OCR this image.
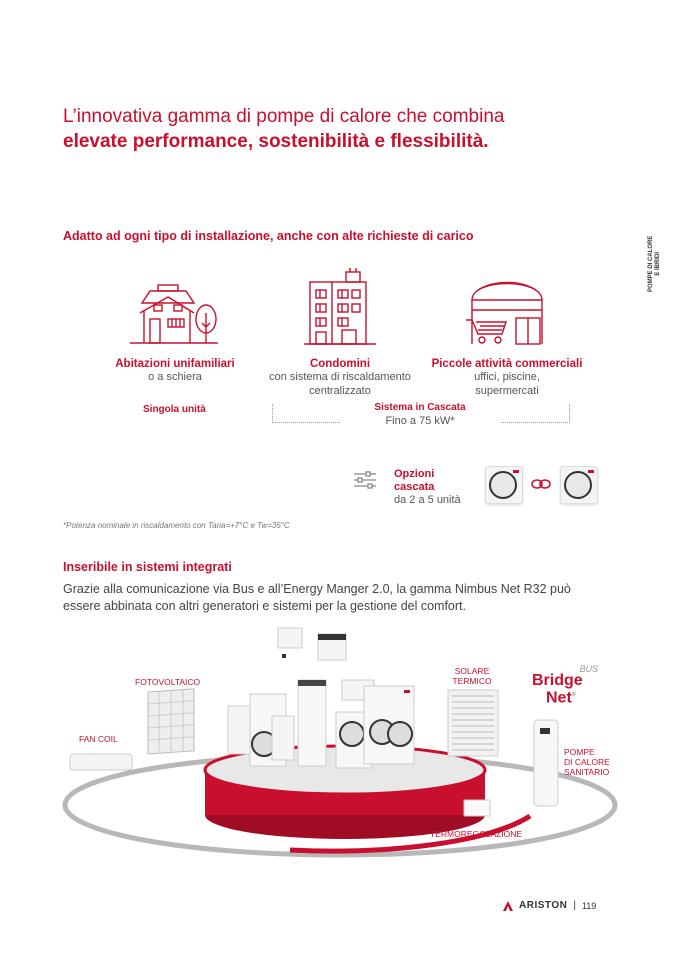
L’innovativa gamma di pompe di calore che combina
elevate performance, sostenibilità e flessibilità.
POMPE DI CALORE E IBRIDI
Adatto ad ogni tipo di installazione, anche con alte richieste di carico
Abitazioni unifamiliari
o a schiera
Condomini
con sistema di riscaldamento centralizzato
Piccole attività commerciali
uffici, piscine, supermercati
Singola unità	Sistema in Cascata
Fino a 75 kW*
Opzioni
cascata
da 2 a 5 unità
*Potenza nominale in riscaldamento con Taria=+7°C e Tw=35°C
Inseribile in sistemi integrati
Grazie alla comunicazione via Bus e all’Energy Manger 2.0, la gamma Nimbus Net R32 può essere abbinata con altri generatori e sistemi per la gestione del comfort.
FOTOVOLTAICO
SOLARE
TERMICO
FAN COIL
POMPE
DI CALORE
SANITARIO
TERMOREGOLAZIONE
BUS
Bridge
Net®
ARISTON | 119
